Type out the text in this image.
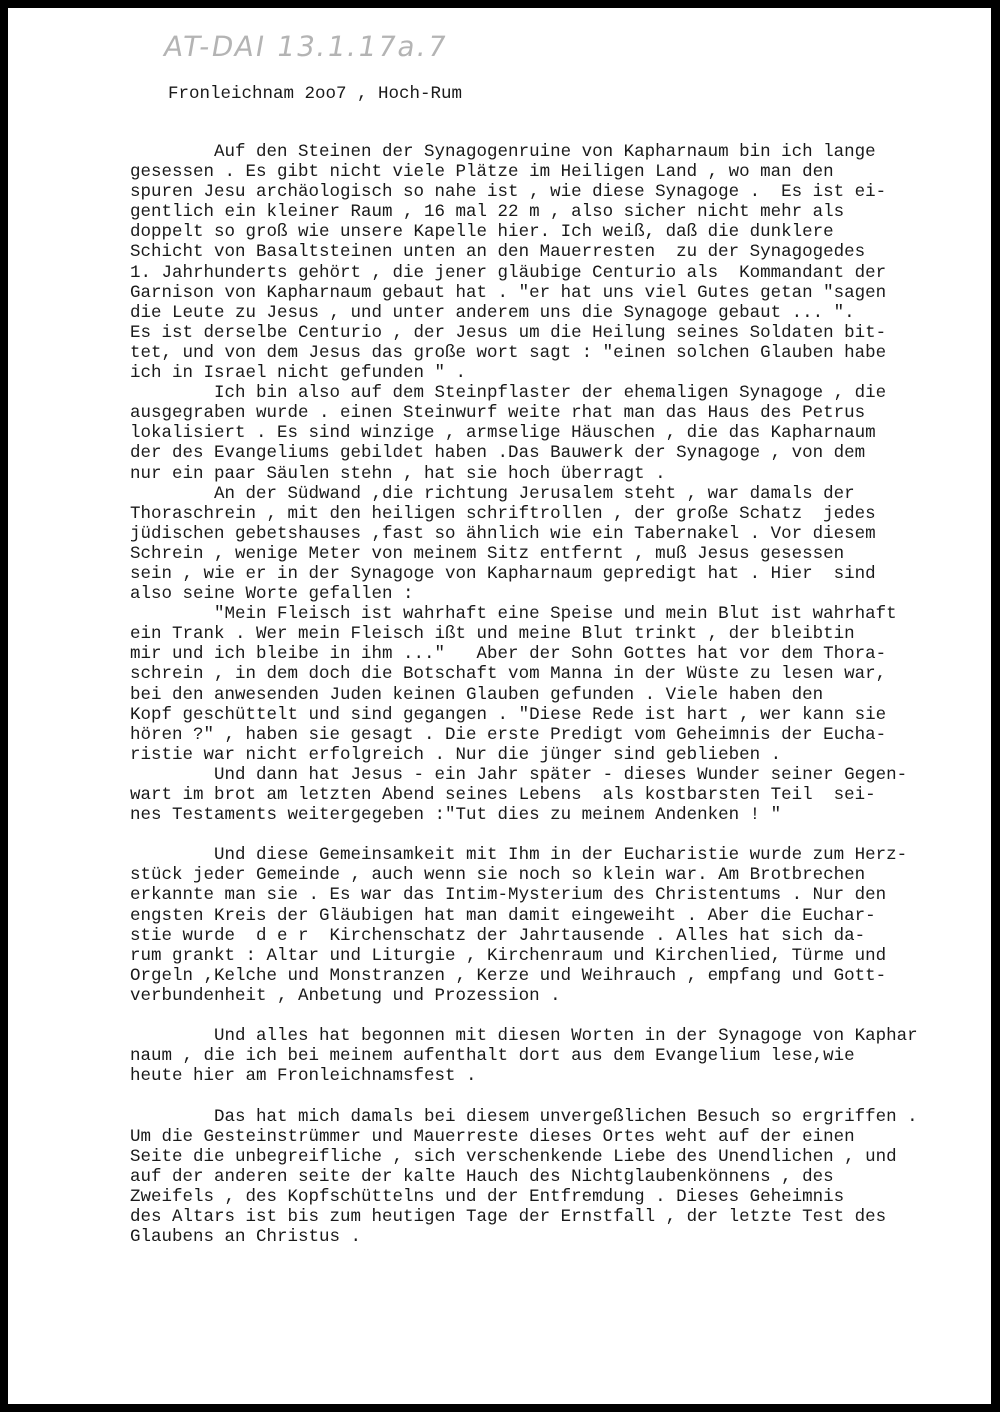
AT-DAI 13.1.17a.7
Fronleichnam 2oo7 , Hoch-Rum
Auf den Steinen der Synagogenruine von Kapharnaum bin ich lange
gesessen . Es gibt nicht viele Plätze im Heiligen Land , wo man den
spuren Jesu archäologisch so nahe ist , wie diese Synagoge .  Es ist ei-
gentlich ein kleiner Raum , 16 mal 22 m , also sicher nicht mehr als
doppelt so groß wie unsere Kapelle hier. Ich weiß, daß die dunklere
Schicht von Basaltsteinen unten an den Mauerresten  zu der Synagogedes
1. Jahrhunderts gehört , die jener gläubige Centurio als  Kommandant der
Garnison von Kapharnaum gebaut hat . "er hat uns viel Gutes getan "sagen
die Leute zu Jesus , und unter anderem uns die Synagoge gebaut ... ".
Es ist derselbe Centurio , der Jesus um die Heilung seines Soldaten bit-
tet, und von dem Jesus das große wort sagt : "einen solchen Glauben habe
ich in Israel nicht gefunden " .
Ich bin also auf dem Steinpflaster der ehemaligen Synagoge , die
ausgegraben wurde . einen Steinwurf weite rhat man das Haus des Petrus
lokalisiert . Es sind winzige , armselige Häuschen , die das Kapharnaum
der des Evangeliums gebildet haben .Das Bauwerk der Synagoge , von dem
nur ein paar Säulen stehn , hat sie hoch überragt .
An der Südwand ,die richtung Jerusalem steht , war damals der
Thoraschrein , mit den heiligen schriftrollen , der große Schatz  jedes
jüdischen gebetshauses ,fast so ähnlich wie ein Tabernakel . Vor diesem
Schrein , wenige Meter von meinem Sitz entfernt , muß Jesus gesessen
sein , wie er in der Synagoge von Kapharnaum gepredigt hat . Hier  sind
also seine Worte gefallen :
"Mein Fleisch ist wahrhaft eine Speise und mein Blut ist wahrhaft
ein Trank . Wer mein Fleisch ißt und meine Blut trinkt , der bleibtin
mir und ich bleibe in ihm ..."   Aber der Sohn Gottes hat vor dem Thora-
schrein , in dem doch die Botschaft vom Manna in der Wüste zu lesen war,
bei den anwesenden Juden keinen Glauben gefunden . Viele haben den
Kopf geschüttelt und sind gegangen . "Diese Rede ist hart , wer kann sie
hören ?" , haben sie gesagt . Die erste Predigt vom Geheimnis der Eucha-
ristie war nicht erfolgreich . Nur die jünger sind geblieben .
Und dann hat Jesus - ein Jahr später - dieses Wunder seiner Gegen-
wart im brot am letzten Abend seines Lebens  als kostbarsten Teil  sei-
nes Testaments weitergegeben :"Tut dies zu meinem Andenken ! "
Und diese Gemeinsamkeit mit Ihm in der Eucharistie wurde zum Herz-
stück jeder Gemeinde , auch wenn sie noch so klein war. Am Brotbrechen
erkannte man sie . Es war das Intim-Mysterium des Christentums . Nur den
engsten Kreis der Gläubigen hat man damit eingeweiht . Aber die Euchar-
stie wurde  d e r  Kirchenschatz der Jahrtausende . Alles hat sich da-
rum grankt : Altar und Liturgie , Kirchenraum und Kirchenlied, Türme und
Orgeln ,Kelche und Monstranzen , Kerze und Weihrauch , empfang und Gott-
verbundenheit , Anbetung und Prozession .
Und alles hat begonnen mit diesen Worten in der Synagoge von Kaphar
naum , die ich bei meinem aufenthalt dort aus dem Evangelium lese,wie
heute hier am Fronleichnamsfest .
Das hat mich damals bei diesem unvergeßlichen Besuch so ergriffen .
Um die Gesteinstrümmer und Mauerreste dieses Ortes weht auf der einen
Seite die unbegreifliche , sich verschenkende Liebe des Unendlichen , und
auf der anderen seite der kalte Hauch des Nichtglaubenkönnens , des
Zweifels , des Kopfschüttelns und der Entfremdung . Dieses Geheimnis
des Altars ist bis zum heutigen Tage der Ernstfall , der letzte Test des
Glaubens an Christus .
